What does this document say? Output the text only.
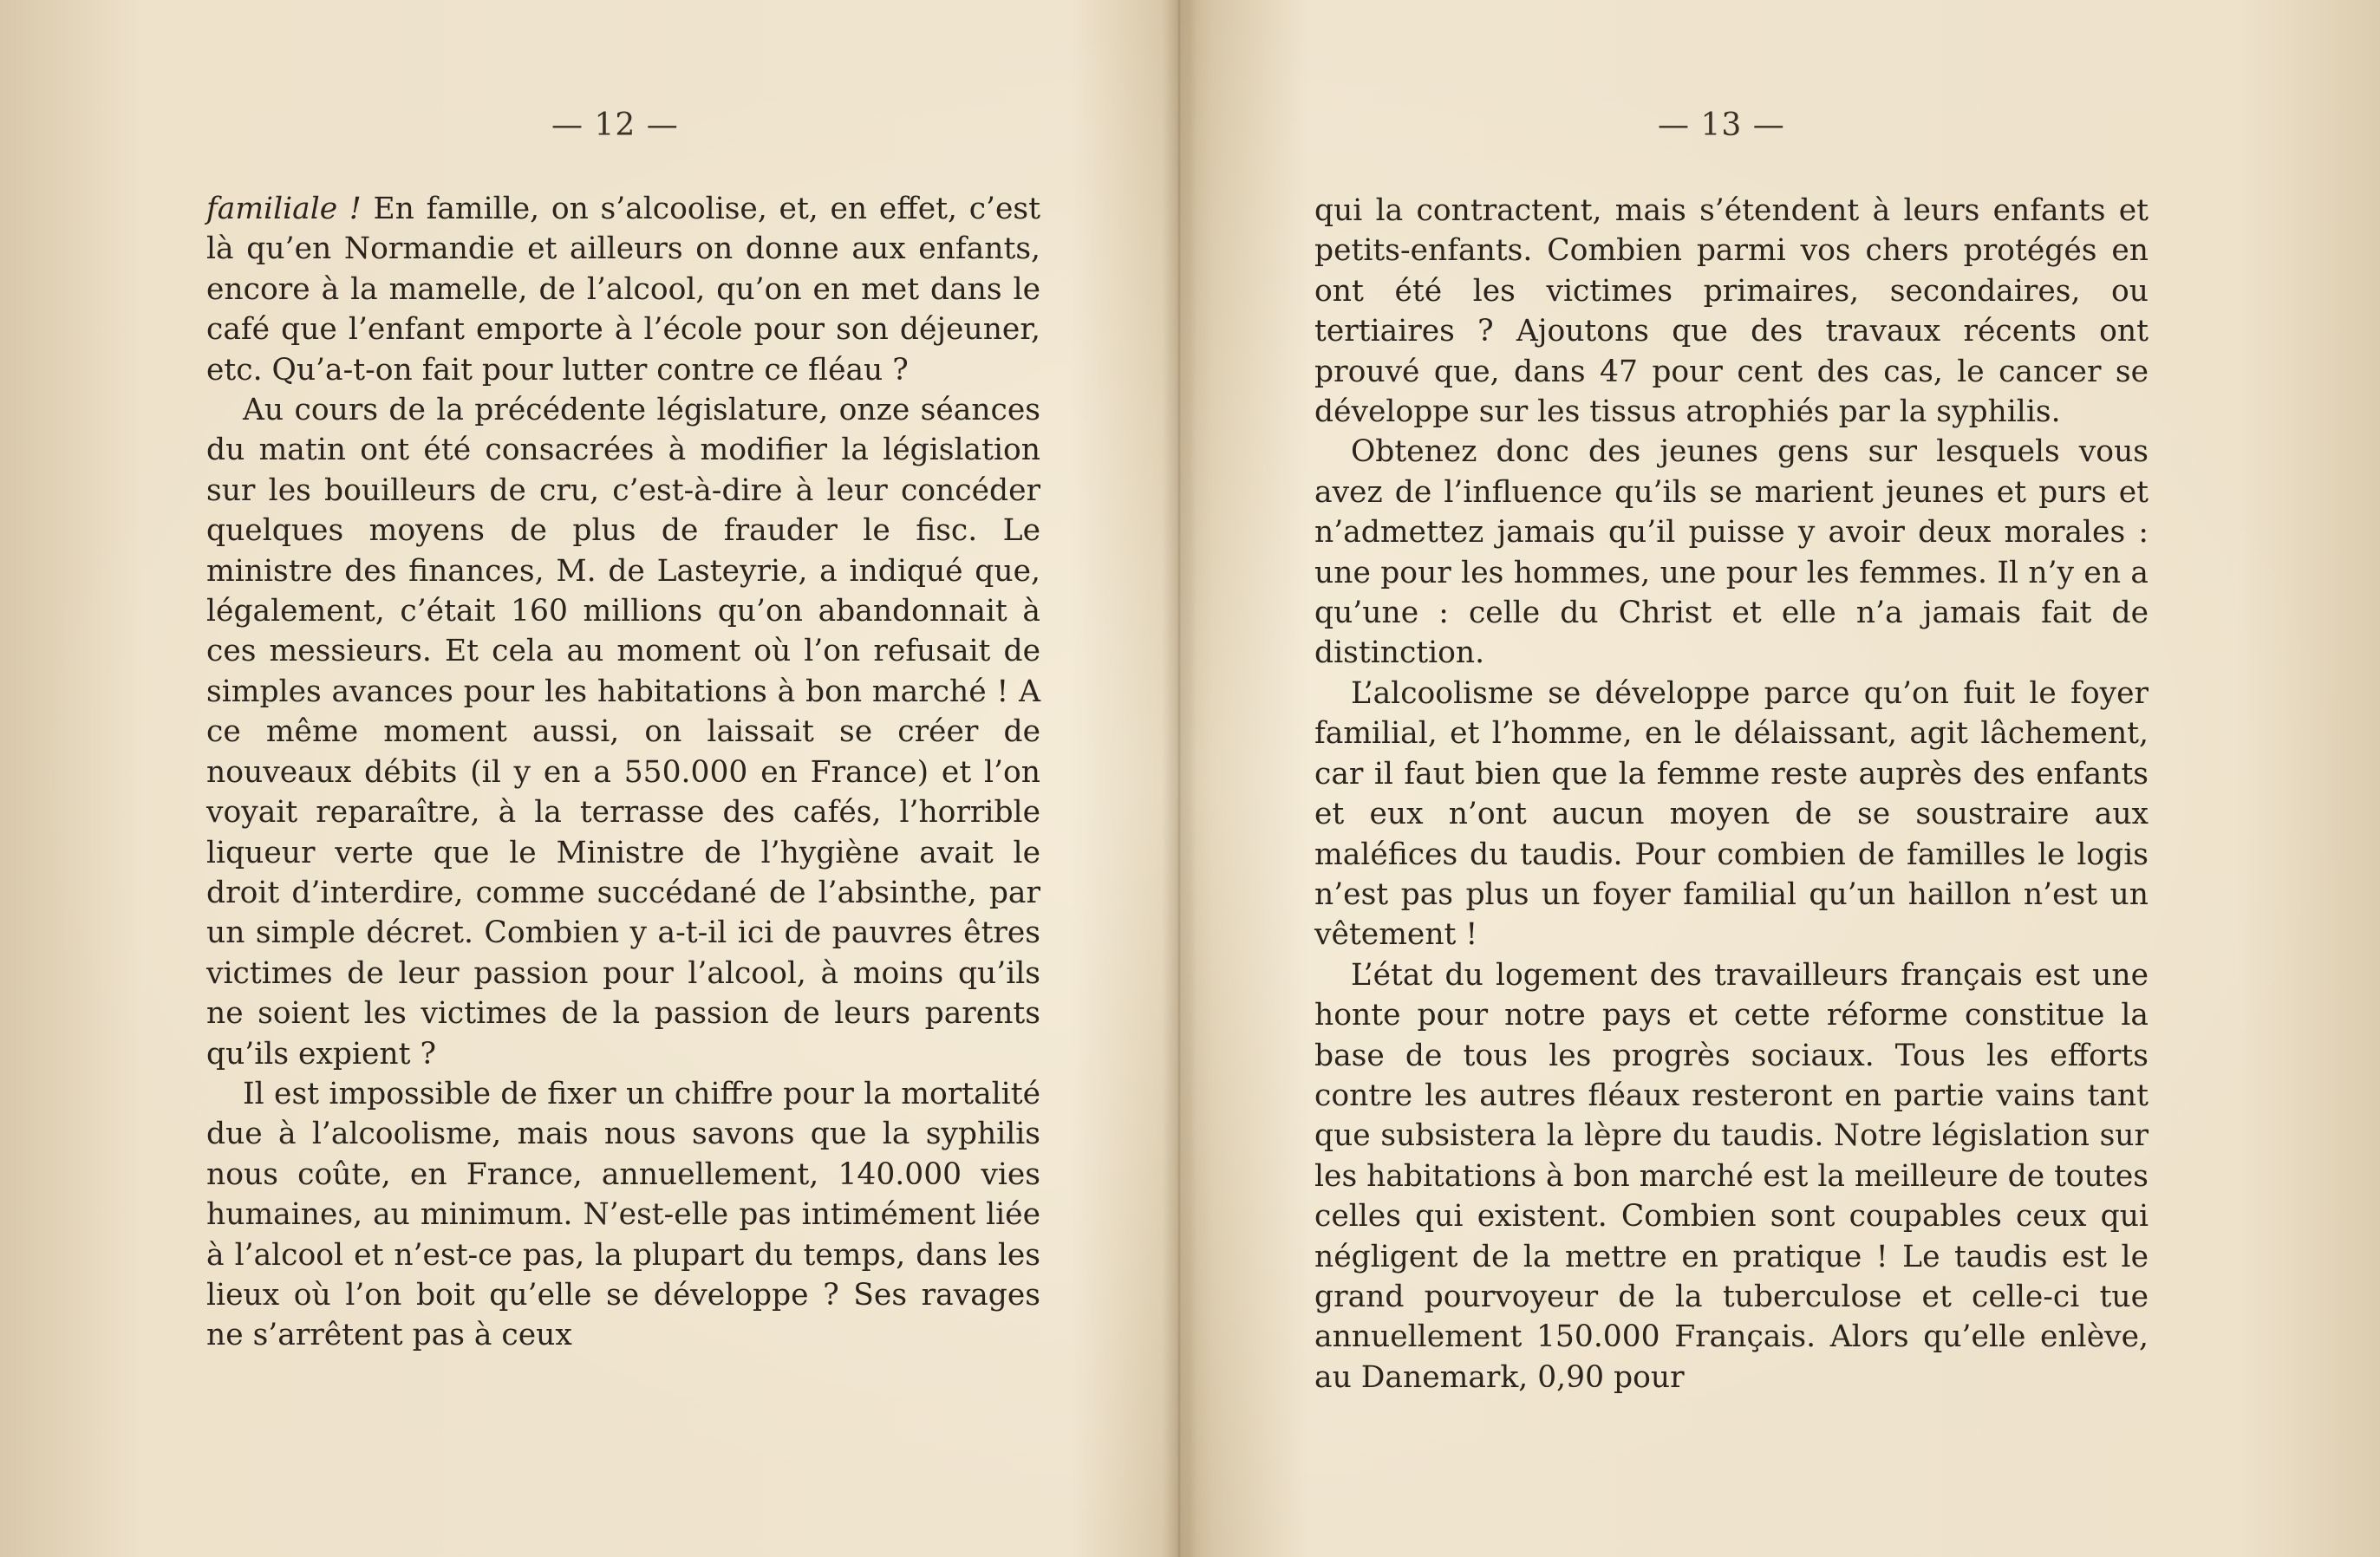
— 12 —

familiale ! En famille, on s’alcoolise, et, en effet, c’est là qu’en Normandie et ailleurs on donne aux enfants, encore à la mamelle, de l’alcool, qu’on en met dans le café que l’enfant emporte à l’école pour son déjeuner, etc. Qu’a-t-on fait pour lutter contre ce fléau ?

Au cours de la précédente législature, onze séances du matin ont été consacrées à modifier la législation sur les bouilleurs de cru, c’est-à-dire à leur concéder quelques moyens de plus de frauder le fisc. Le ministre des finances, M. de Lasteyrie, a indiqué que, légalement, c’était 160 millions qu’on abandonnait à ces messieurs. Et cela au moment où l’on refusait de simples avances pour les habitations à bon marché ! A ce même moment aussi, on laissait se créer de nouveaux débits (il y en a 550.000 en France) et l’on voyait reparaître, à la terrasse des cafés, l’horrible liqueur verte que le Ministre de l’hygiène avait le droit d’interdire, comme succédané de l’absinthe, par un simple décret. Combien y a-t-il ici de pauvres êtres victimes de leur passion pour l’alcool, à moins qu’ils ne soient les victimes de la passion de leurs parents qu’ils expient ?

Il est impossible de fixer un chiffre pour la mortalité due à l’alcoolisme, mais nous savons que la syphilis nous coûte, en France, annuellement, 140.000 vies humaines, au minimum. N’est-elle pas intimément liée à l’alcool et n’est-ce pas, la plupart du temps, dans les lieux où l’on boit qu’elle se développe ? Ses ravages ne s’arrêtent pas à ceux

— 13 —

qui la contractent, mais s’étendent à leurs enfants et petits-enfants. Combien parmi vos chers protégés en ont été les victimes primaires, secondaires, ou tertiaires ? Ajoutons que des travaux récents ont prouvé que, dans 47 pour cent des cas, le cancer se développe sur les tissus atrophiés par la syphilis.

Obtenez donc des jeunes gens sur lesquels vous avez de l’influence qu’ils se marient jeunes et purs et n’admettez jamais qu’il puisse y avoir deux morales : une pour les hommes, une pour les femmes. Il n’y en a qu’une : celle du Christ et elle n’a jamais fait de distinction.

L’alcoolisme se développe parce qu’on fuit le foyer familial, et l’homme, en le délaissant, agit lâchement, car il faut bien que la femme reste auprès des enfants et eux n’ont aucun moyen de se soustraire aux maléfices du taudis. Pour combien de familles le logis n’est pas plus un foyer familial qu’un haillon n’est un vêtement !

L’état du logement des travailleurs français est une honte pour notre pays et cette réforme constitue la base de tous les progrès sociaux. Tous les efforts contre les autres fléaux resteront en partie vains tant que subsistera la lèpre du taudis. Notre législation sur les habitations à bon marché est la meilleure de toutes celles qui existent. Combien sont coupables ceux qui négligent de la mettre en pratique ! Le taudis est le grand pourvoyeur de la tuberculose et celle-ci tue annuellement 150.000 Français. Alors qu’elle enlève, au Danemark, 0,90 pour
